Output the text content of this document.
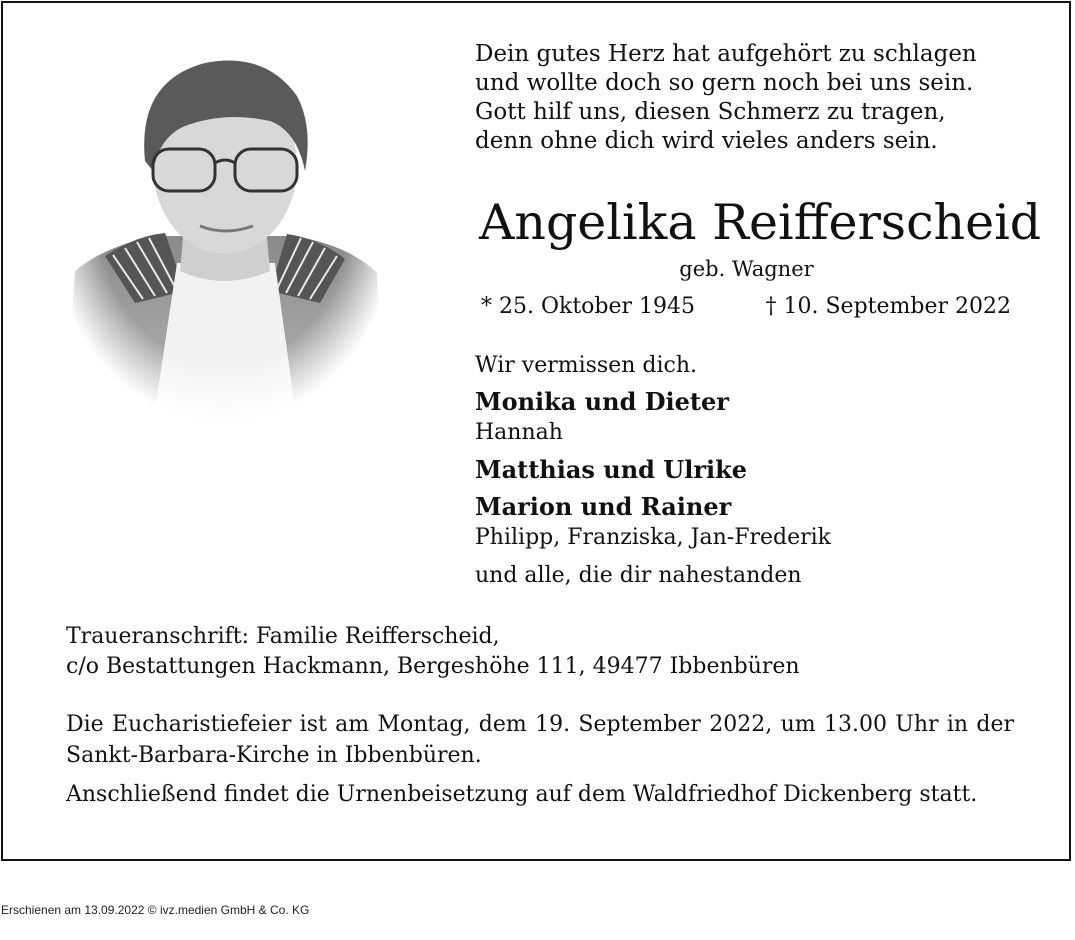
Dein gutes Herz hat aufgehört zu schlagen
und wollte doch so gern noch bei uns sein.
Gott hilf uns, diesen Schmerz zu tragen,
denn ohne dich wird vieles anders sein.
Angelika Reifferscheid
geb. Wagner
* 25. Oktober 1945	† 10. September 2022
Wir vermissen dich.
Monika und Dieter
Hannah
Matthias und Ulrike
Marion und Rainer
Philipp, Franziska, Jan-Frederik
und alle, die dir nahestanden
Traueranschrift: Familie Reifferscheid,
c/o Bestattungen Hackmann, Bergeshöhe 111, 49477 Ibbenbüren

Die Eucharistiefeier ist am Montag, dem 19. September 2022, um 13.00 Uhr in der Sankt-Barbara-Kirche in Ibbenbüren.

Anschließend findet die Urnenbeisetzung auf dem Waldfriedhof Dickenberg statt.

Erschienen am 13.09.2022 © ivz.medien GmbH & Co. KG
